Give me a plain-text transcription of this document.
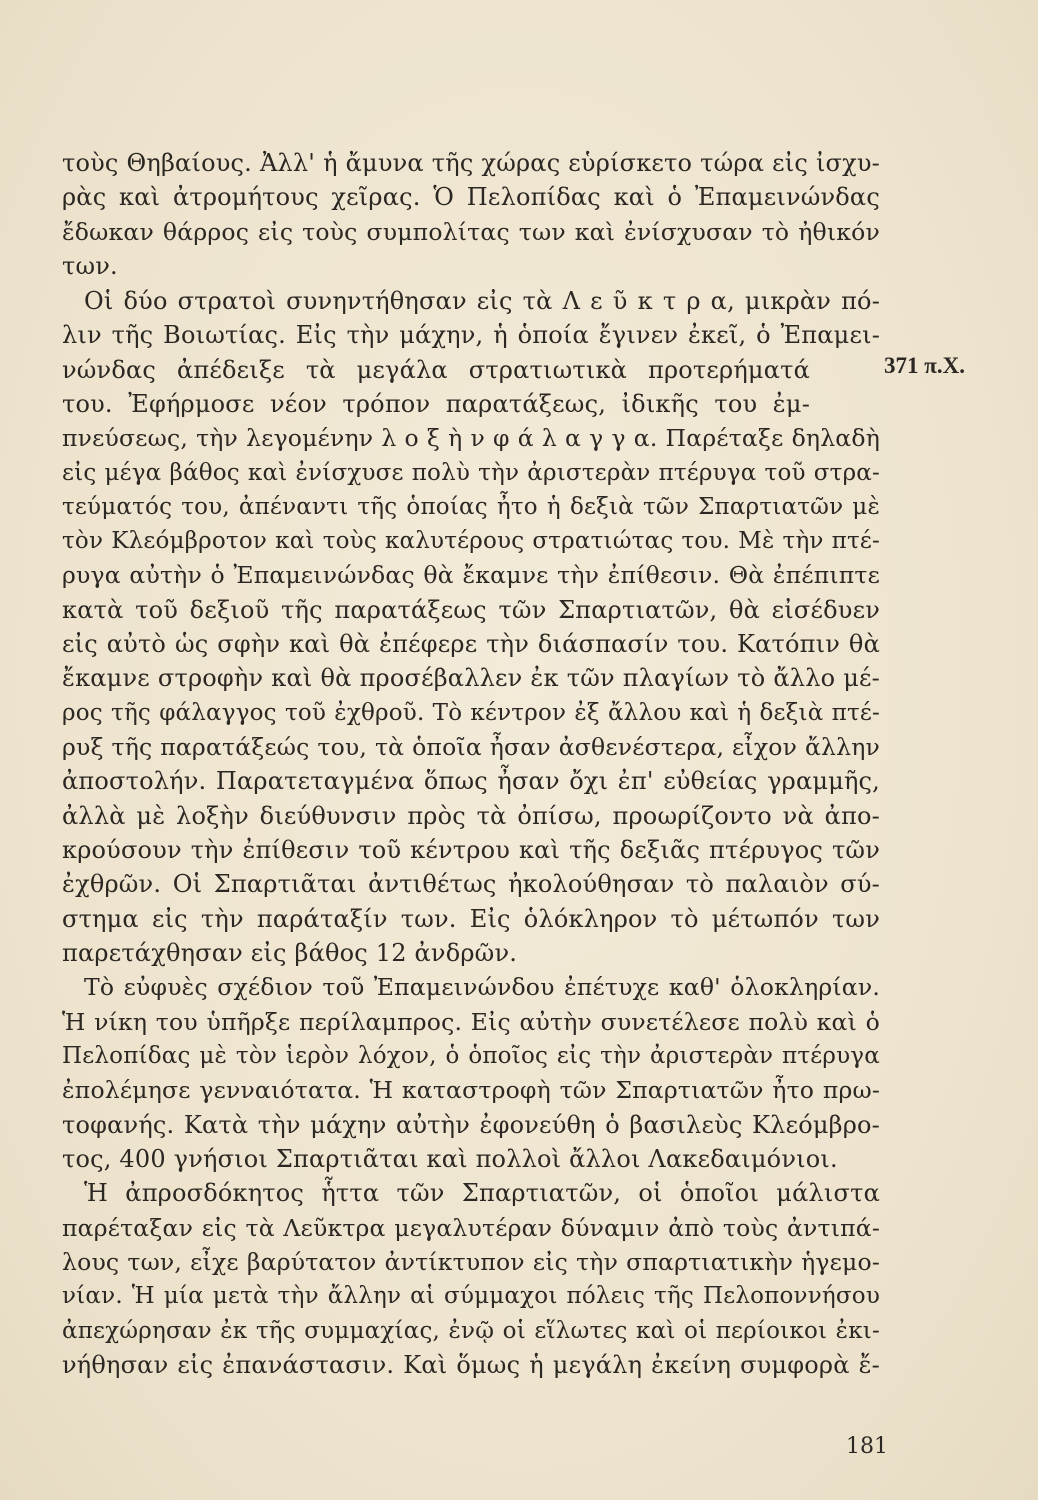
τοὺς Θηβαίους. Ἀλλ' ἡ ἄμυνα τῆς χώρας εὑρίσκετο τώρα εἰς ἰσχυ-
ρὰς καὶ ἀτρομήτους χεῖρας. Ὁ Πελοπίδας καὶ ὁ Ἐπαμεινώνδας
ἔδωκαν θάρρος εἰς τοὺς συμπολίτας των καὶ ἐνίσχυσαν τὸ ἠθικόν
των.
Οἱ δύο στρατοὶ συνηντήθησαν εἰς τὰ Λ ε ῦ κ τ ρ α, μικρὰν πό-
λιν τῆς Βοιωτίας. Εἰς τὴν μάχην, ἡ ὁποία ἔγινεν ἐκεῖ, ὁ Ἐπαμει-
νώνδας ἀπέδειξε τὰ μεγάλα στρατιωτικὰ προτερήματά
του. Ἐφήρμοσε νέον τρόπον παρατάξεως, ἰδικῆς του ἐμ-
πνεύσεως, τὴν λεγομένην λ ο ξ ὴ ν φ ά λ α γ γ α. Παρέταξε δηλαδὴ
εἰς μέγα βάθος καὶ ἐνίσχυσε πολὺ τὴν ἀριστερὰν πτέρυγα τοῦ στρα-
τεύματός του, ἀπέναντι τῆς ὁποίας ἦτο ἡ δεξιὰ τῶν Σπαρτιατῶν μὲ
τὸν Κλεόμβροτον καὶ τοὺς καλυτέρους στρατιώτας του. Μὲ τὴν πτέ-
ρυγα αὐτὴν ὁ Ἐπαμεινώνδας θὰ ἔκαμνε τὴν ἐπίθεσιν. Θὰ ἐπέπιπτε
κατὰ τοῦ δεξιοῦ τῆς παρατάξεως τῶν Σπαρτιατῶν, θὰ εἰσέδυεν
εἰς αὐτὸ ὡς σφὴν καὶ θὰ ἐπέφερε τὴν διάσπασίν του. Κατόπιν θὰ
ἔκαμνε στροφὴν καὶ θὰ προσέβαλλεν ἐκ τῶν πλαγίων τὸ ἄλλο μέ-
ρος τῆς φάλαγγος τοῦ ἐχθροῦ. Τὸ κέντρον ἐξ ἄλλου καὶ ἡ δεξιὰ πτέ-
ρυξ τῆς παρατάξεώς του, τὰ ὁποῖα ἦσαν ἀσθενέστερα, εἶχον ἄλλην
ἀποστολήν. Παρατεταγμένα ὅπως ἦσαν ὄχι ἐπ' εὐθείας γραμμῆς,
ἀλλὰ μὲ λοξὴν διεύθυνσιν πρὸς τὰ ὀπίσω, προωρίζοντο νὰ ἀπο-
κρούσουν τὴν ἐπίθεσιν τοῦ κέντρου καὶ τῆς δεξιᾶς πτέρυγος τῶν
ἐχθρῶν. Οἱ Σπαρτιᾶται ἀντιθέτως ἠκολούθησαν τὸ παλαιὸν σύ-
στημα εἰς τὴν παράταξίν των. Εἰς ὁλόκληρον τὸ μέτωπόν των
παρετάχθησαν εἰς βάθος 12 ἀνδρῶν.
Τὸ εὐφυὲς σχέδιον τοῦ Ἐπαμεινώνδου ἐπέτυχε καθ' ὁλοκληρίαν.
Ἡ νίκη του ὑπῆρξε περίλαμπρος. Εἰς αὐτὴν συνετέλεσε πολὺ καὶ ὁ
Πελοπίδας μὲ τὸν ἱερὸν λόχον, ὁ ὁποῖος εἰς τὴν ἀριστερὰν πτέρυγα
ἐπολέμησε γενναιότατα. Ἡ καταστροφὴ τῶν Σπαρτιατῶν ἦτο πρω-
τοφανής. Κατὰ τὴν μάχην αὐτὴν ἐφονεύθη ὁ βασιλεὺς Κλεόμβρο-
τος, 400 γνήσιοι Σπαρτιᾶται καὶ πολλοὶ ἄλλοι Λακεδαιμόνιοι.
Ἡ ἀπροσδόκητος ἧττα τῶν Σπαρτιατῶν, οἱ ὁποῖοι μάλιστα
παρέταξαν εἰς τὰ Λεῦκτρα μεγαλυτέραν δύναμιν ἀπὸ τοὺς ἀντιπά-
λους των, εἶχε βαρύτατον ἀντίκτυπον εἰς τὴν σπαρτιατικὴν ἡγεμο-
νίαν. Ἡ μία μετὰ τὴν ἄλλην αἱ σύμμαχοι πόλεις τῆς Πελοποννήσου
ἀπεχώρησαν ἐκ τῆς συμμαχίας, ἐνῷ οἱ εἵλωτες καὶ οἱ περίοικοι ἐκι-
νήθησαν εἰς ἐπανάστασιν. Καὶ ὅμως ἡ μεγάλη ἐκείνη συμφορὰ ἔ-
371 π.Χ.
181
